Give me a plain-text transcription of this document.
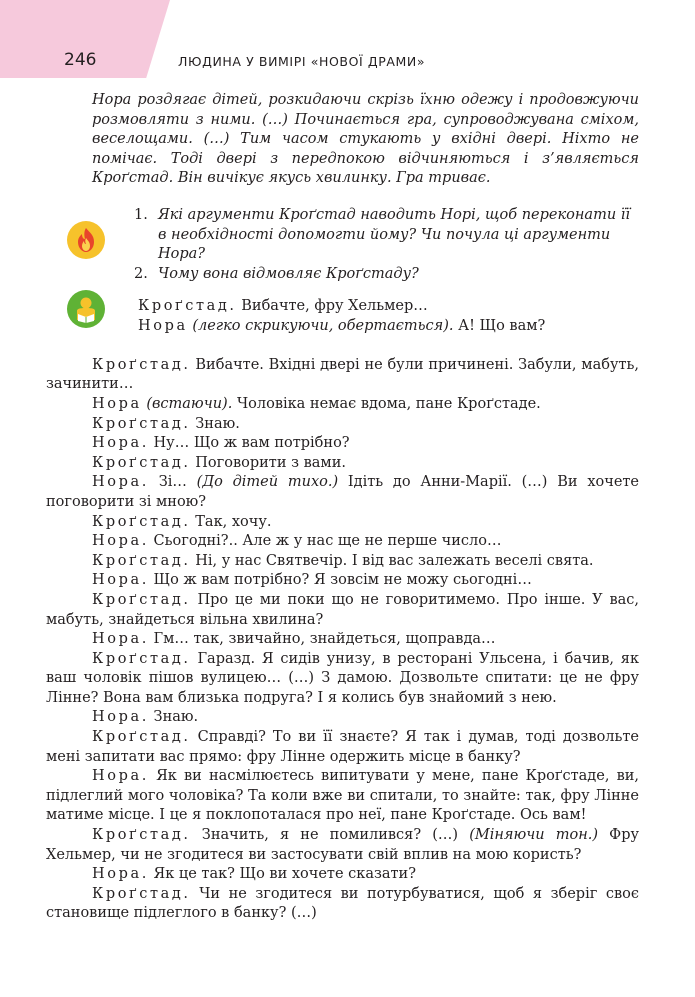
246	ЛЮДИНА У ВИМІРІ «НОВОЇ ДРАМИ»

Нора роздягає дітей, розкидаючи скрізь їхню одежу і продовжуючи розмовляти з ними. (…) Починається гра, супроводжувана сміхом, веселощами. (…) Тим часом стукають у вхідні двері. Ніхто не помічає. Тоді двері з передпокою відчиняються і з’являється Кроґстад. Він вичікує якусь хвилинку. Гра триває.

1. Які аргументи Кроґстад наводить Норі, щоб переконати її в необхідності допомогти йому? Чи почула ці аргументи Нора?

2. Чому вона відмовляє Кроґстаду?

Кроґстад. Вибачте, фру Хельмер…

Нора (легко скрикуючи, обертається). А! Що вам?

Кроґстад. Вибачте. Вхідні двері не були причинені. Забули, мабуть, зачинити…

Нора (встаючи). Чоловіка немає вдома, пане Кроґстаде.

Кроґстад. Знаю.

Нора. Ну… Що ж вам потрібно?

Кроґстад. Поговорити з вами.

Нора. Зі… (До дітей тихо.) Ідіть до Анни-Марії. (…) Ви хочете поговорити зі мною?

Кроґстад. Так, хочу.

Нора. Сьогодні?.. Але ж у нас ще не перше число…

Кроґстад. Ні, у нас Святвечір. І від вас залежать веселі свята.

Нора. Що ж вам потрібно? Я зовсім не можу сьогодні…

Кроґстад. Про це ми поки що не говоритимемо. Про інше. У вас, мабуть, знайдеться вільна хвилина?

Нора. Гм… так, звичайно, знайдеться, щоправда…

Кроґстад. Гаразд. Я сидів унизу, в ресторані Ульсена, і бачив, як ваш чоловік пішов вулицею… (…) З дамою. Дозвольте спитати: це не фру Лінне? Вона вам близька подруга? І я колись був знайомий з нею.

Нора. Знаю.

Кроґстад. Справді? То ви її знаєте? Я так і думав, тоді дозвольте мені запитати вас прямо: фру Лінне одержить місце в банку?

Нора. Як ви насмілюєтесь випитувати у мене, пане Кроґстаде, ви, підлеглий мого чоловіка? Та коли вже ви спитали, то знайте: так, фру Лінне матиме місце. І це я поклопоталася про неї, пане Кроґстаде. Ось вам!

Кроґстад. Значить, я не помилився? (…) (Міняючи тон.) Фру Хельмер, чи не згодитеся ви застосувати свій вплив на мою користь?

Нора. Як це так? Що ви хочете сказати?

Кроґстад. Чи не згодитеся ви потурбуватися, щоб я зберіг своє становище підлеглого в банку? (…)
